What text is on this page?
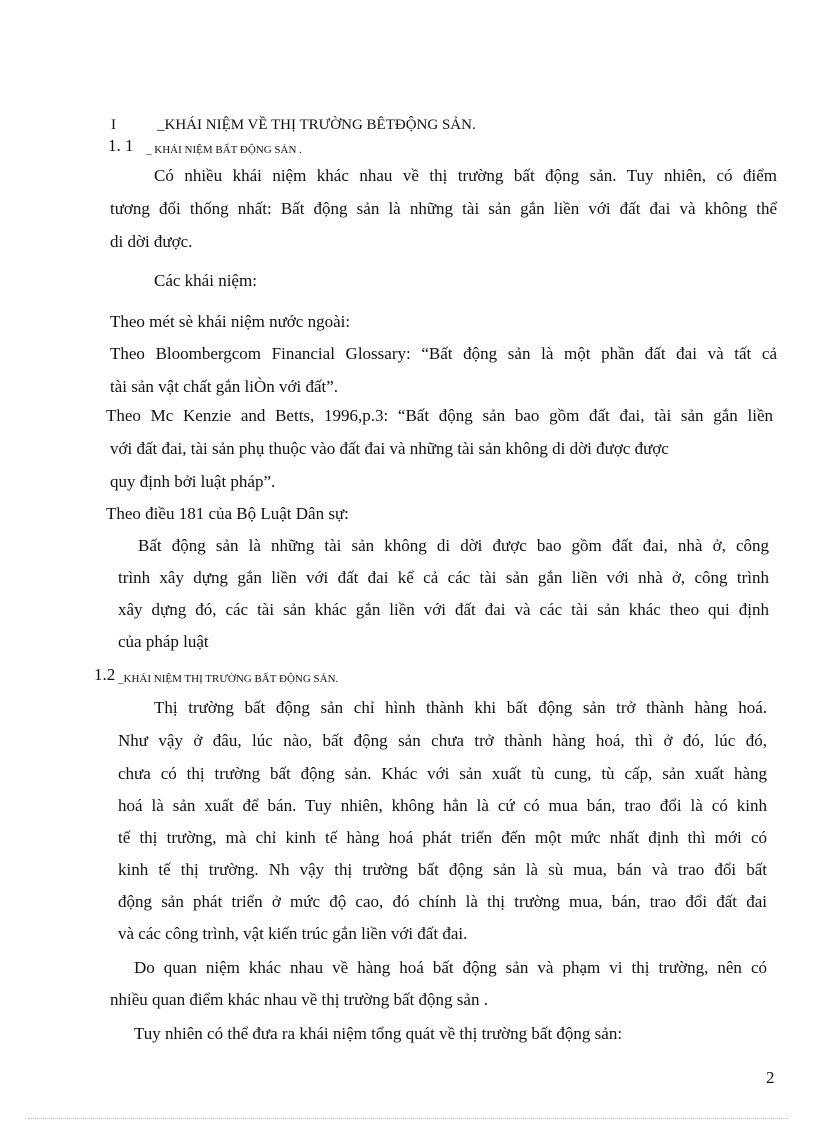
I	_KHÁI NIỆM VỀ THỊ TRƯỜNG BÊTĐỘNG SẢN.
1. 1 _ KHÁI NIỆM BẤT ĐỘNG SẢN .
Có nhiều khái niệm khác nhau về thị trường bất động sản. Tuy nhiên, có điểm
tương đối thống nhất: Bất động sản là những tài sản gắn liền với đất đai và không thể
di dời được.
Các khái niệm:
Theo mét sè khái niệm nước ngoài:
Theo Bloombergcom Financial Glossary: “Bất động sản là một phần đất đai và tất cả
tài sản vật chất gắn liÒn với đất”.
Theo Mc Kenzie and Betts, 1996,p.3: “Bất động sản bao gồm đất đai, tài sản gắn liền
với đất đai, tài sản phụ thuộc vào đất đai và những tài sản không di dời được được
quy định bởi luật pháp”.
Theo điều 181 của Bộ Luật Dân sự:
Bất động sản là những tài sản không di dời được bao gồm đất đai, nhà ở, công
trình xây dựng gắn liền với đất đai kể cả các tài sản gắn liền với nhà ở, công trình
xây dựng đó, các tài sản khác gắn liền với đất đai và các tài sản khác theo qui định
của pháp luật
1.2 _KHÁI NIỆM THỊ TRƯỜNG BẤT ĐỘNG SẢN.
Thị trường bất động sản chỉ hình thành khi bất động sản trở thành hàng hoá.
Như vậy ở đâu, lúc nào, bất động sản chưa trở thành hàng hoá, thì ở đó, lúc đó,
chưa có thị trường bất động sản. Khác với sản xuất tù cung, tù cấp, sản xuất hàng
hoá là sản xuất để bán. Tuy nhiên, không hẳn là cứ có mua bán, trao đổi là có kinh
tế thị trường, mà chỉ kinh tế hàng hoá phát triển đến một mức nhất định thì mới có
kinh tế thị trường. Nh vậy thị trường bất động sản là sù mua, bán và trao đổi bất
động sản phát triển ở mức độ cao, đó chính là thị trường mua, bán, trao đổi đất đai
và các công trình, vật kiến trúc gắn liền với đất đai.
Do quan niệm khác nhau về hàng hoá bất động sản và phạm vi thị trường, nên có
nhiều quan điểm khác nhau về thị trường bất động sản .
Tuy nhiên có thể đưa ra khái niệm tổng quát về thị trường bất động sản:
2
